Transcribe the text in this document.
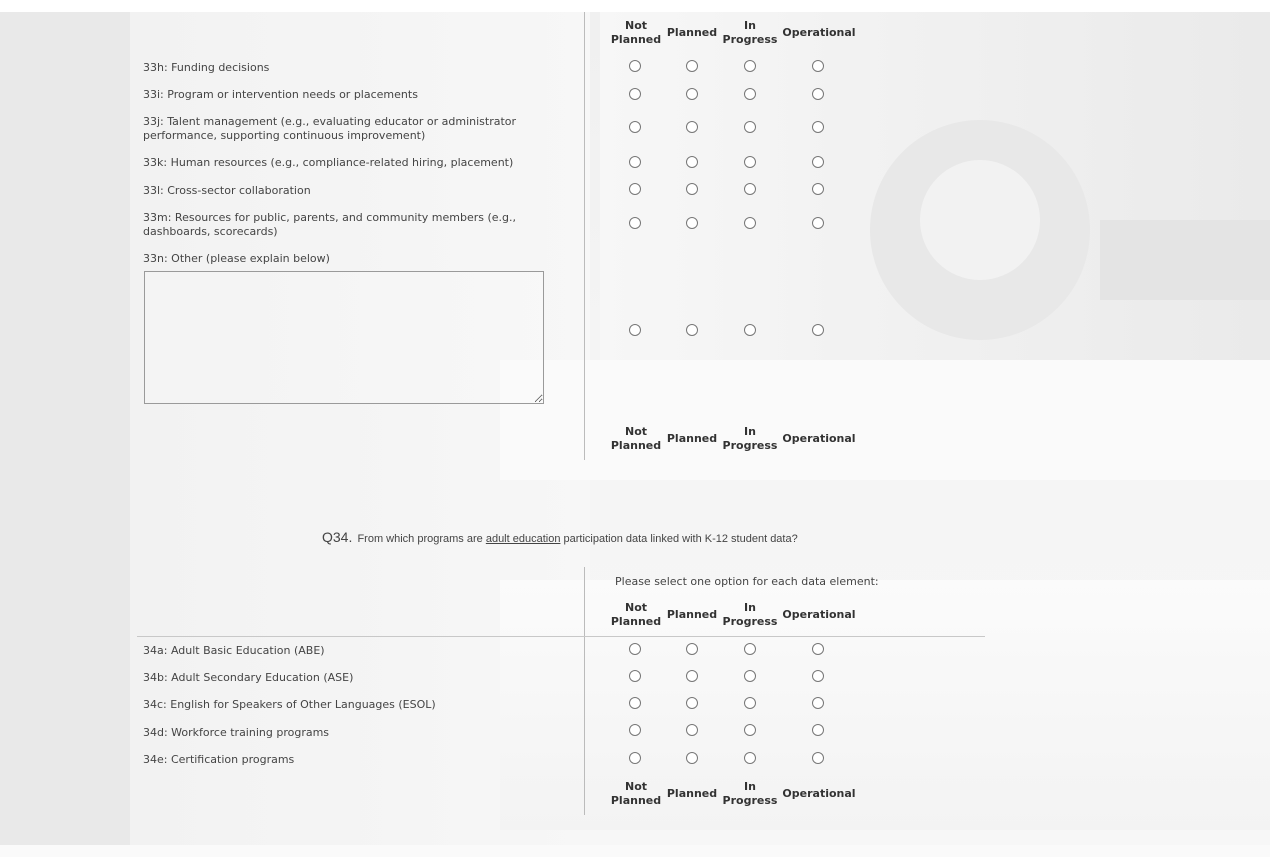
Not
Planned
Planned
In
Progress
Operational
33h: Funding decisions
33i: Program or intervention needs or placements
33j: Talent management (e.g., evaluating educator or administrator performance, supporting continuous improvement)
33k: Human resources (e.g., compliance-related hiring, placement)
33l: Cross-sector collaboration
33m: Resources for public, parents, and community members (e.g., dashboards, scorecards)
33n: Other (please explain below)
Not
Planned
Planned
In
Progress
Operational
Q34. From which programs are adult education participation data linked with K-12 student data?
Please select one option for each data element:
Not
Planned
Planned
In
Progress
Operational
34a: Adult Basic Education (ABE)
34b: Adult Secondary Education (ASE)
34c: English for Speakers of Other Languages (ESOL)
34d: Workforce training programs
34e: Certification programs
Not
Planned
Planned
In
Progress
Operational
